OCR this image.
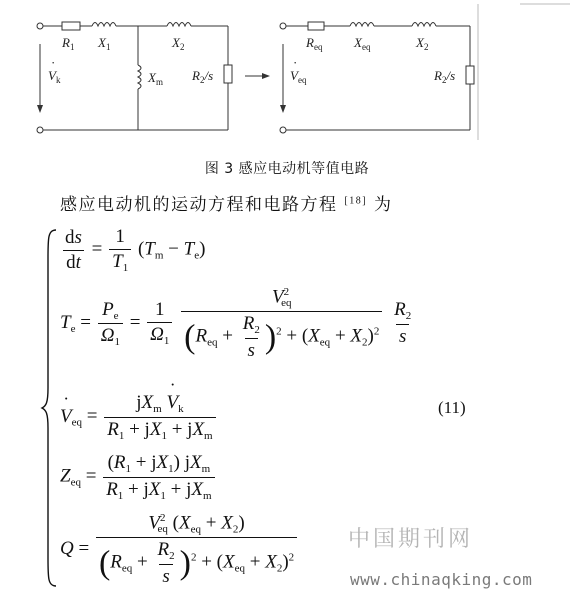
$R_1$ $X_1$	$X_2$
$V_k$	$X_m$ $R_2/s$
$R_{eq}$ $X_{eq}$	$X_2$
$V_{eq}$	$R_2/s$
·	·
图 3 感应电动机等值电路
感应电动机的运动方程和电路方程 [18] 为
$\frac{ds}{dt} = \frac{1}{T_1} (T_m - T_e)$
$T_e = \frac{P_e}{\Omega_1} = \frac{1}{\Omega_1}$
$\frac{V^2_{eq}}{(R_{eq} + \frac{R_2}{s} )^2 + (X_{eq} + X_2)^2}$
$\frac{R_2}{s}$
˙ $V_{eq} = \frac{jX_m ˙ V_k}{R_1 + jX_1 + jX_m}$	(11)
$Z_{eq} = \frac{(R_1 + jX_1) jX_m}{R_1 + jX_1 + jX_m}$
$Q = \frac{V^2_{eq} (X_{eq} + X_2)}{(R_{eq} + \frac{R_2}{s} )^2 + (X_{eq} + X_2)^2}$ 中国期刊网
www.chinaqking.com
